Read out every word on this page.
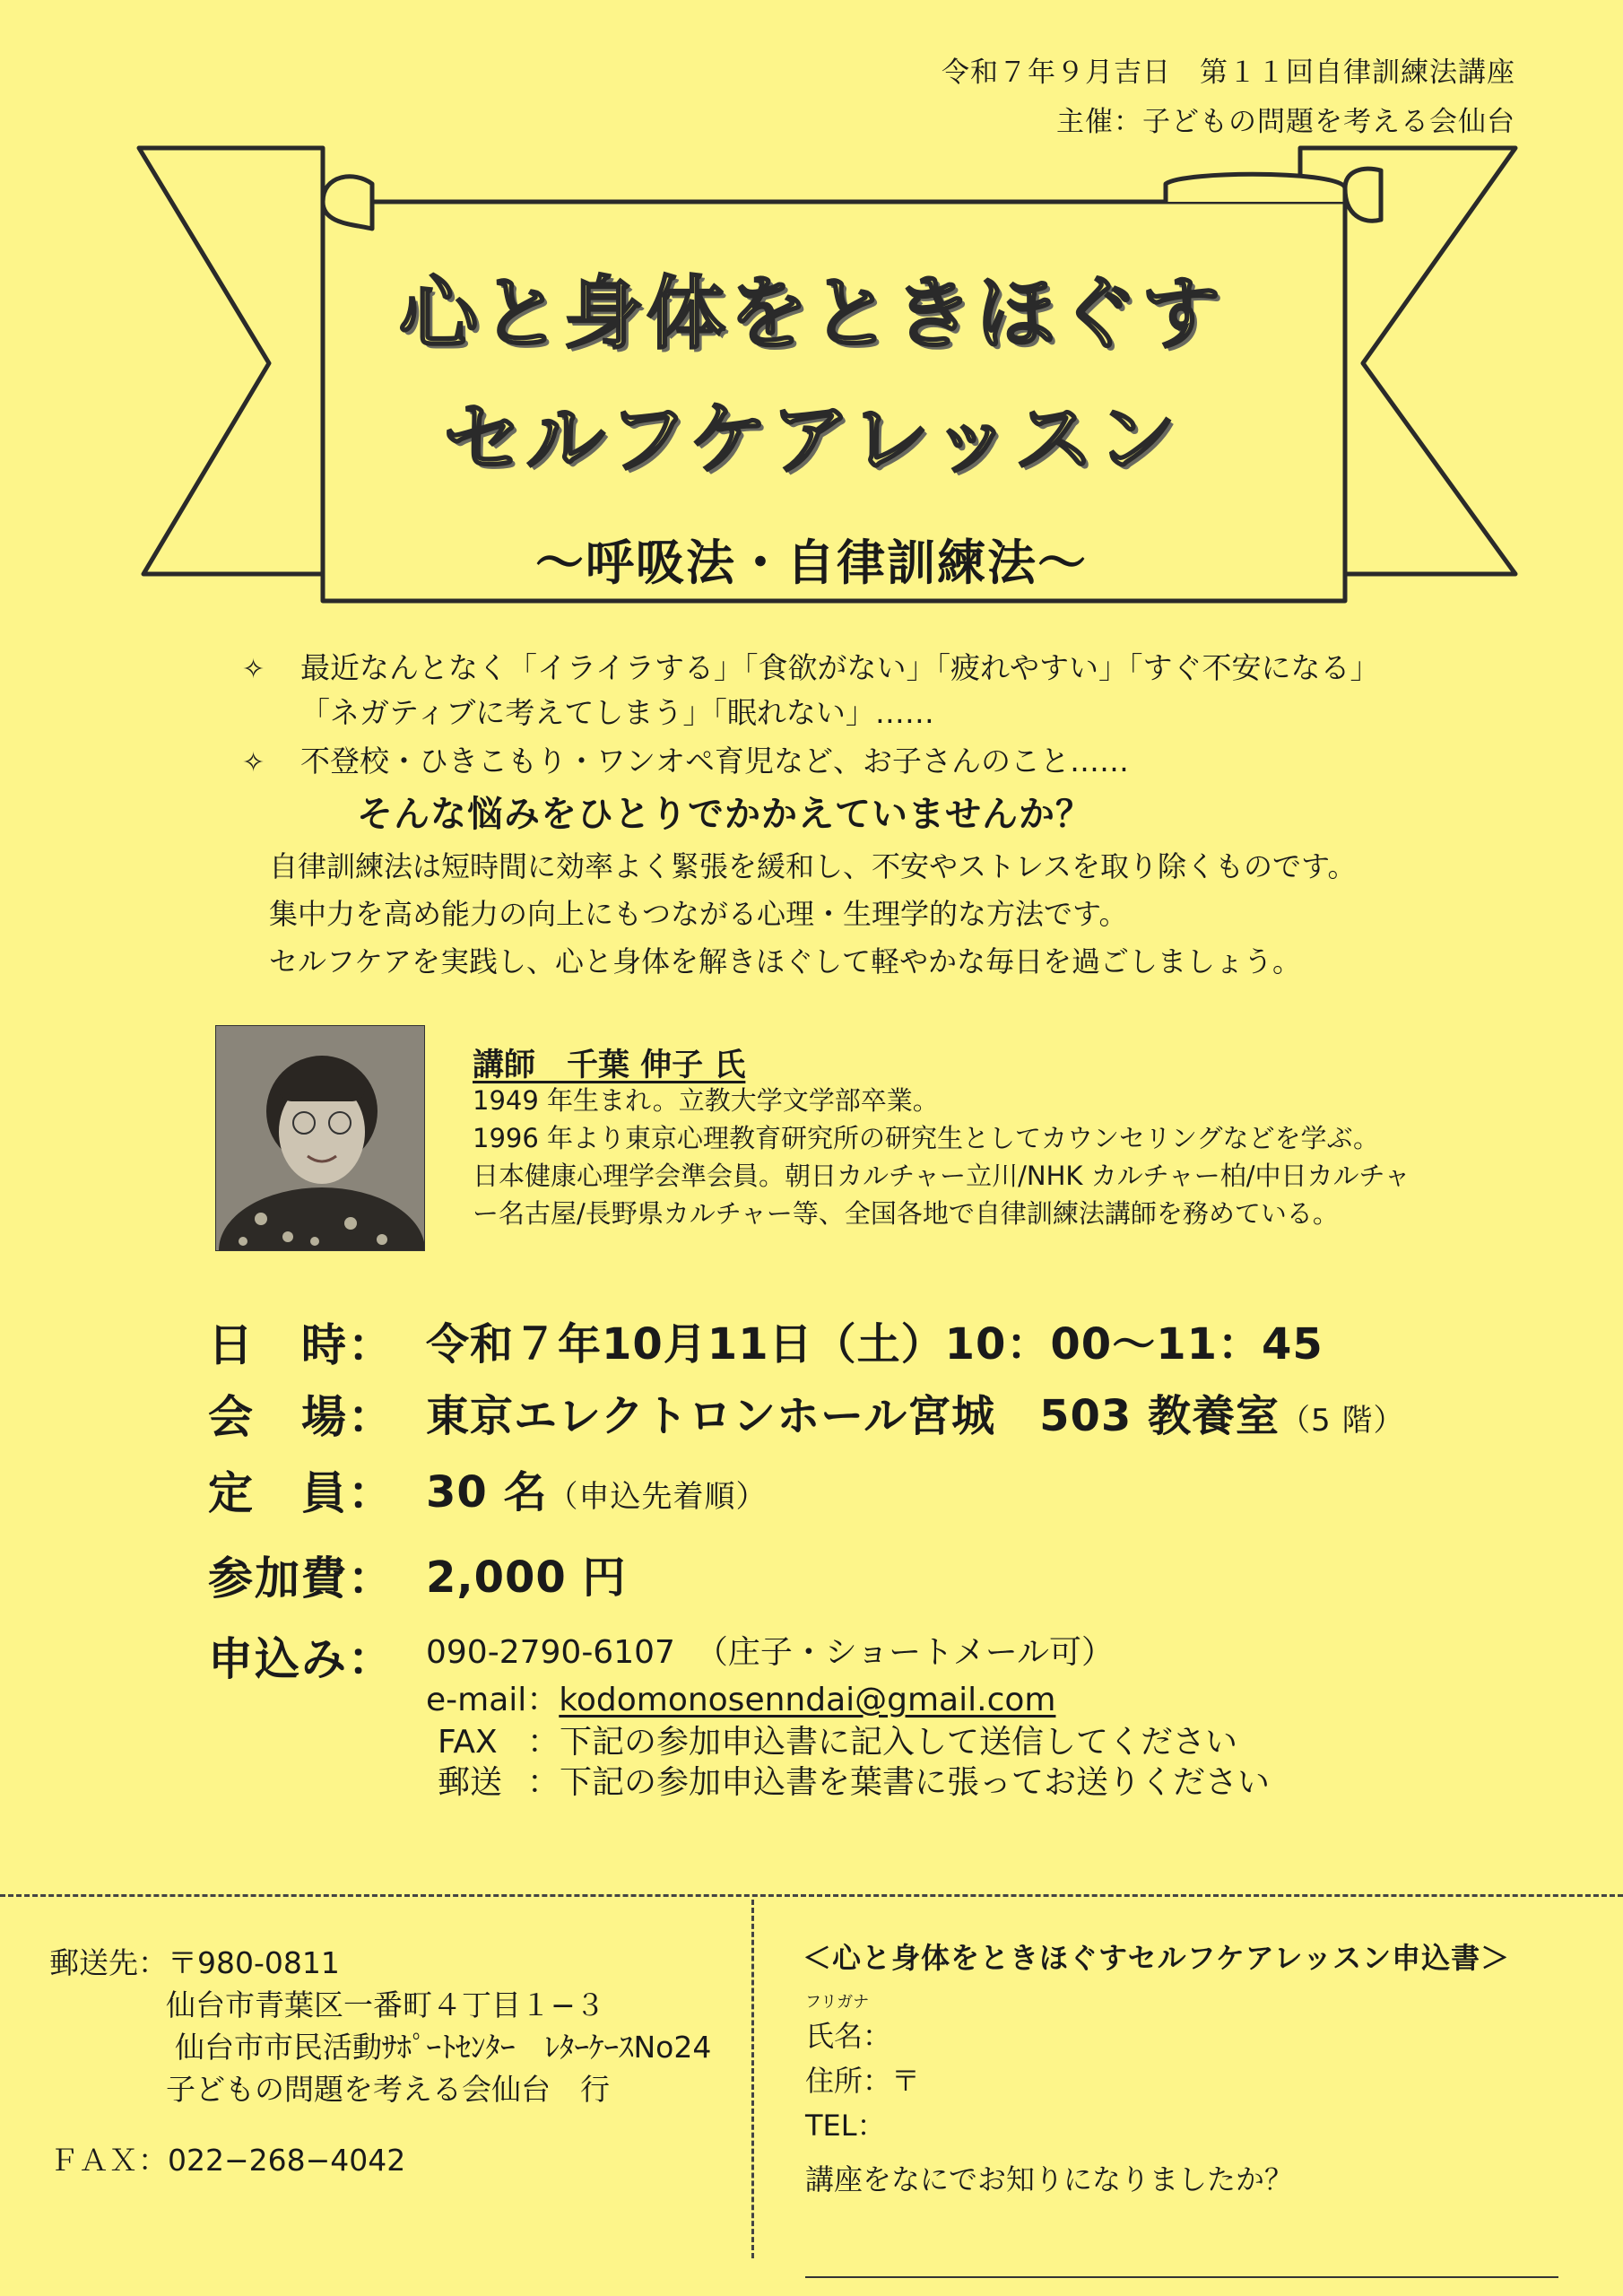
令和７年９月吉日　第１１回自律訓練法講座
主催：子どもの問題を考える会仙台
心と身体をときほぐす
セルフケアレッスン
～呼吸法・自律訓練法～
✧ 最近なんとなく「イライラする」「食欲がない」「疲れやすい」「すぐ不安になる」
「ネガティブに考えてしまう」「眠れない」……
✧ 不登校・ひきこもり・ワンオペ育児など、お子さんのこと……
そんな悩みをひとりでかかえていませんか？
自律訓練法は短時間に効率よく緊張を緩和し、不安やストレスを取り除くものです。
集中力を高め能力の向上にもつながる心理・生理学的な方法です。
セルフケアを実践し、心と身体を解きほぐして軽やかな毎日を過ごしましょう。
講師　千葉 伸子 氏
1949 年生まれ。立教大学文学部卒業。
1996 年より東京心理教育研究所の研究生としてカウンセリングなどを学ぶ。
日本健康心理学会準会員。朝日カルチャー立川/NHK カルチャー柏/中日カルチャ
ー名古屋/長野県カルチャー等、全国各地で自律訓練法講師を務めている。
日　時： 令和７年10月11日（土）10：00～11：45
会　場： 東京エレクトロンホール宮城　503 教養室（5 階）
定　員： 30 名（申込先着順）
参加費： 2,000 円
申込み： 090-2790-6107 （庄子・ショートメール可）
e-mail：kodomonosenndai@gmail.com
FAX ：下記の参加申込書に記入して送信してください
郵送 ：下記の参加申込書を葉書に張ってお送りください
郵送先： 〒980-0811
仙台市青葉区一番町４丁目１−３
仙台市市民活動ｻﾎﾟｰﾄｾﾝﾀｰ　ﾚﾀｰｹｰｽNo24
子どもの問題を考える会仙台　行
ＦＡＸ：022−268−4042
＜心と身体をときほぐすセルフケアレッスン申込書＞
フリガナ
氏名：
住所：〒
TEL：
講座をなにでお知りになりましたか？
